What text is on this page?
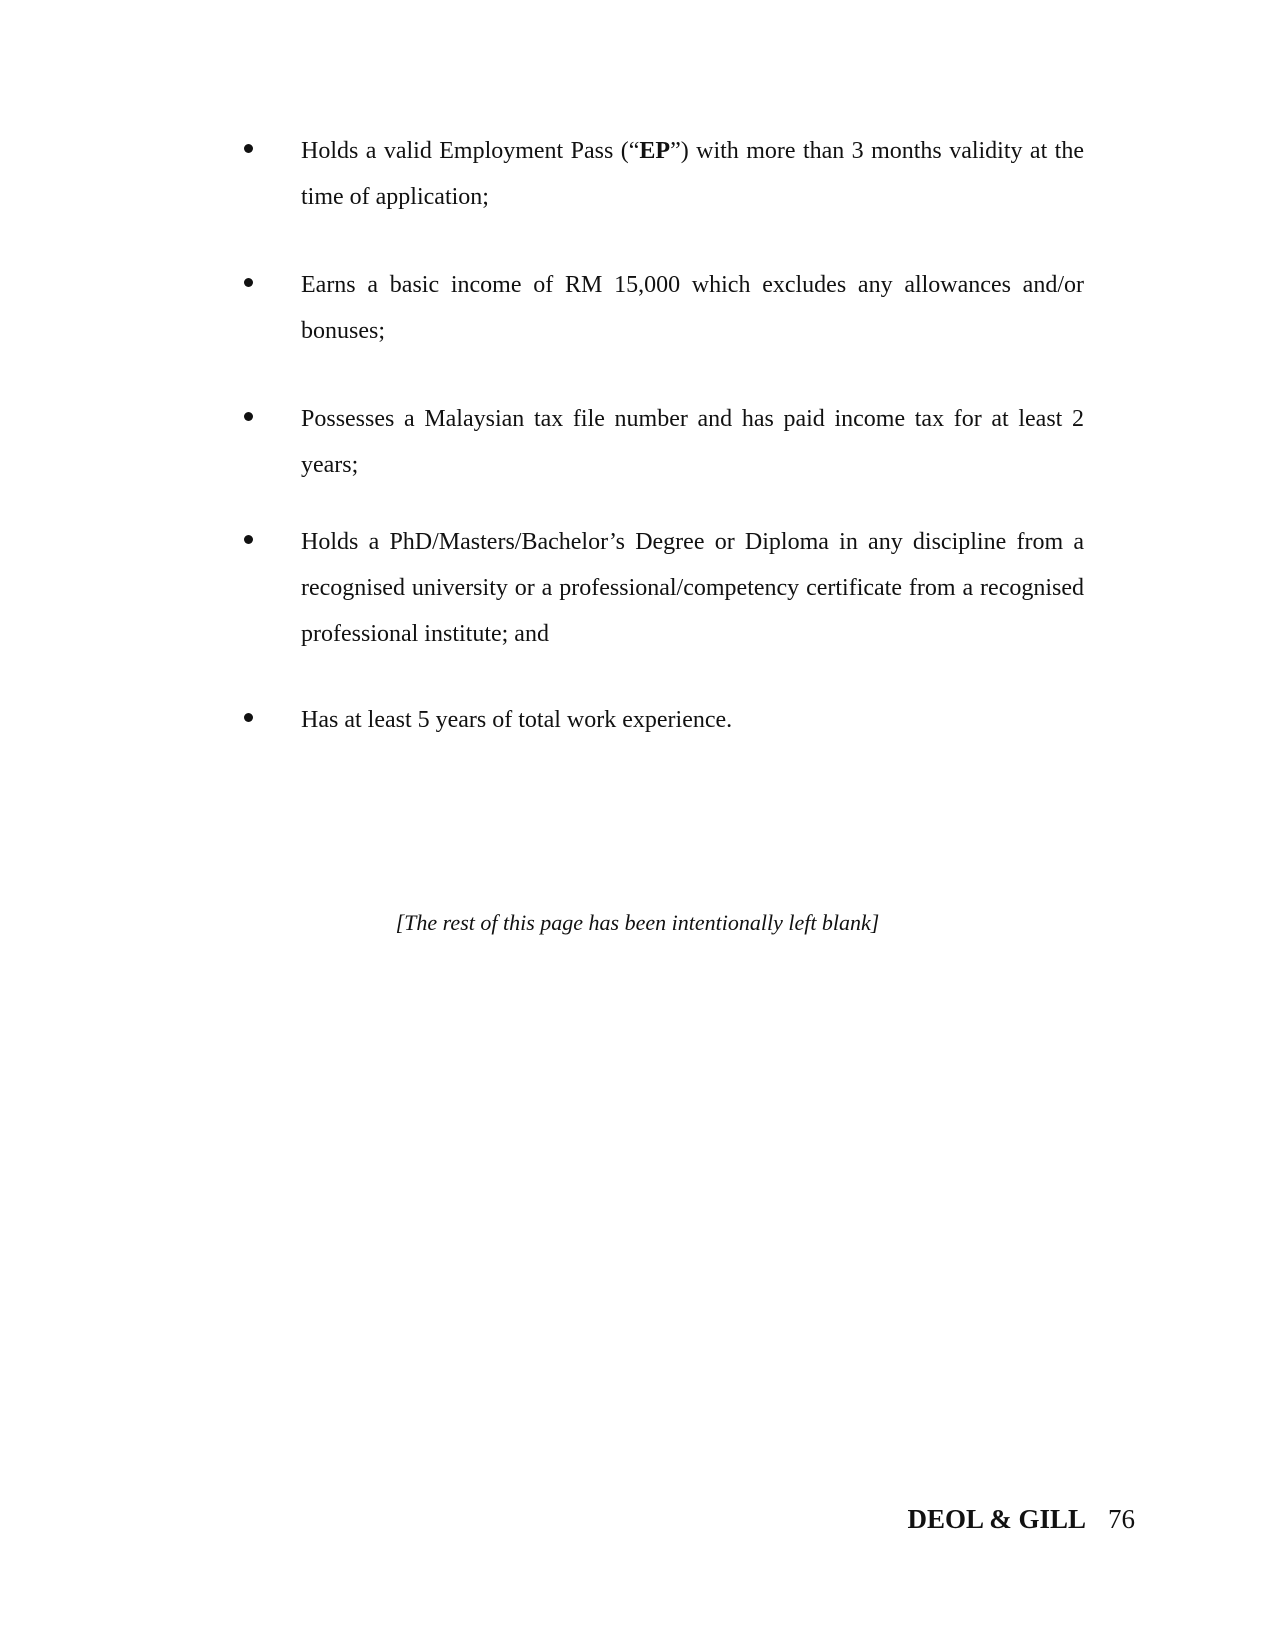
Holds a valid Employment Pass (“EP”) with more than 3 months validity at the time of application;
Earns a basic income of RM 15,000 which excludes any allowances and/or bonuses;
Possesses a Malaysian tax file number and has paid income tax for at least 2 years;
Holds a PhD/Masters/Bachelor’s Degree or Diploma in any discipline from a recognised university or a professional/competency certificate from a recognised professional institute; and
Has at least 5 years of total work experience.
[The rest of this page has been intentionally left blank]
DEOL & GILL 76
